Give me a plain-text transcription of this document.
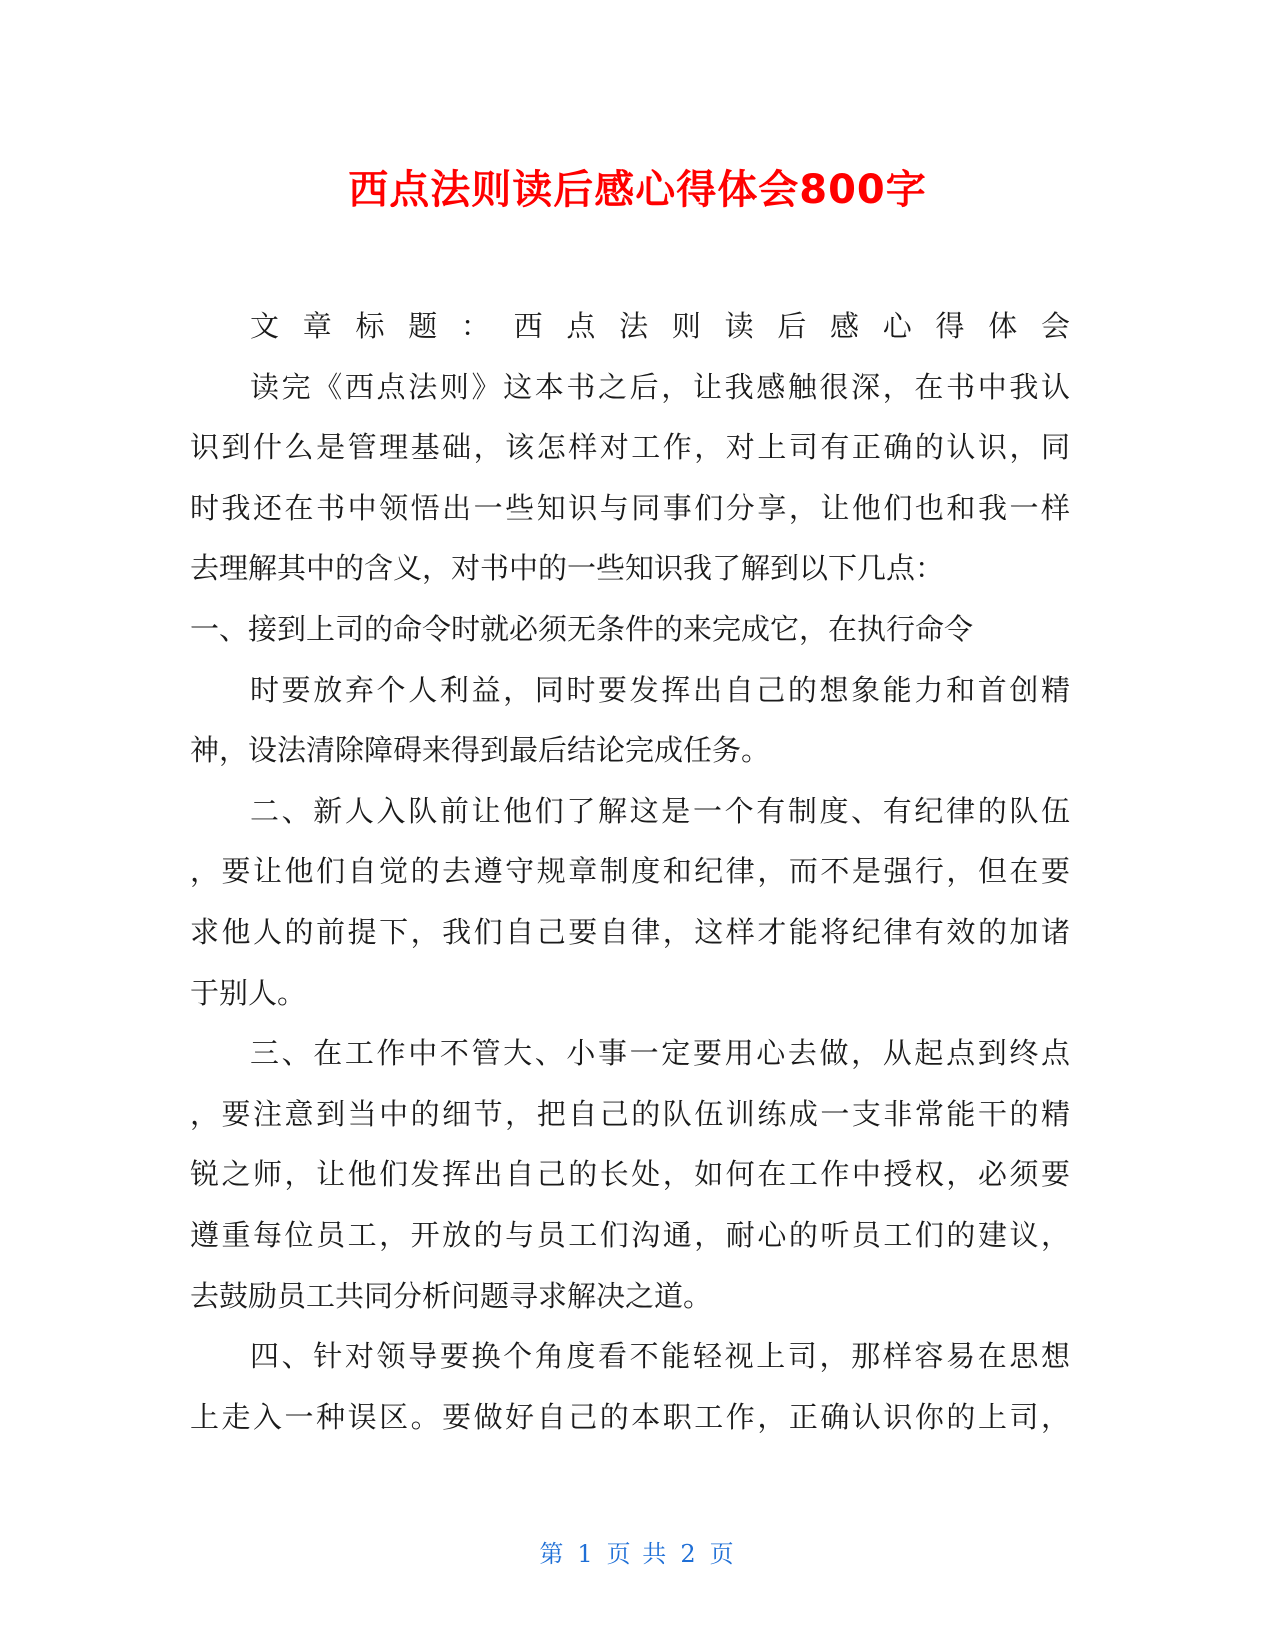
西点法则读后感心得体会800字
文章标题：西点法则读后感心得体会
读完《西点法则》这本书之后，让我感触很深，在书中我认
识到什么是管理基础，该怎样对工作，对上司有正确的认识，同
时我还在书中领悟出一些知识与同事们分享，让他们也和我一样
去理解其中的含义，对书中的一些知识我了解到以下几点：
一、接到上司的命令时就必须无条件的来完成它，在执行命令
时要放弃个人利益，同时要发挥出自己的想象能力和首创精
神，设法清除障碍来得到最后结论完成任务。
二、新人入队前让他们了解这是一个有制度、有纪律的队伍
，要让他们自觉的去遵守规章制度和纪律，而不是强行，但在要
求他人的前提下，我们自己要自律，这样才能将纪律有效的加诸
于别人。
三、在工作中不管大、小事一定要用心去做，从起点到终点
，要注意到当中的细节，把自己的队伍训练成一支非常能干的精
锐之师，让他们发挥出自己的长处，如何在工作中授权，必须要
遵重每位员工，开放的与员工们沟通，耐心的听员工们的建议，
去鼓励员工共同分析问题寻求解决之道。
四、针对领导要换个角度看不能轻视上司，那样容易在思想
上走入一种误区。要做好自己的本职工作，正确认识你的上司，
第 1 页 共 2 页
